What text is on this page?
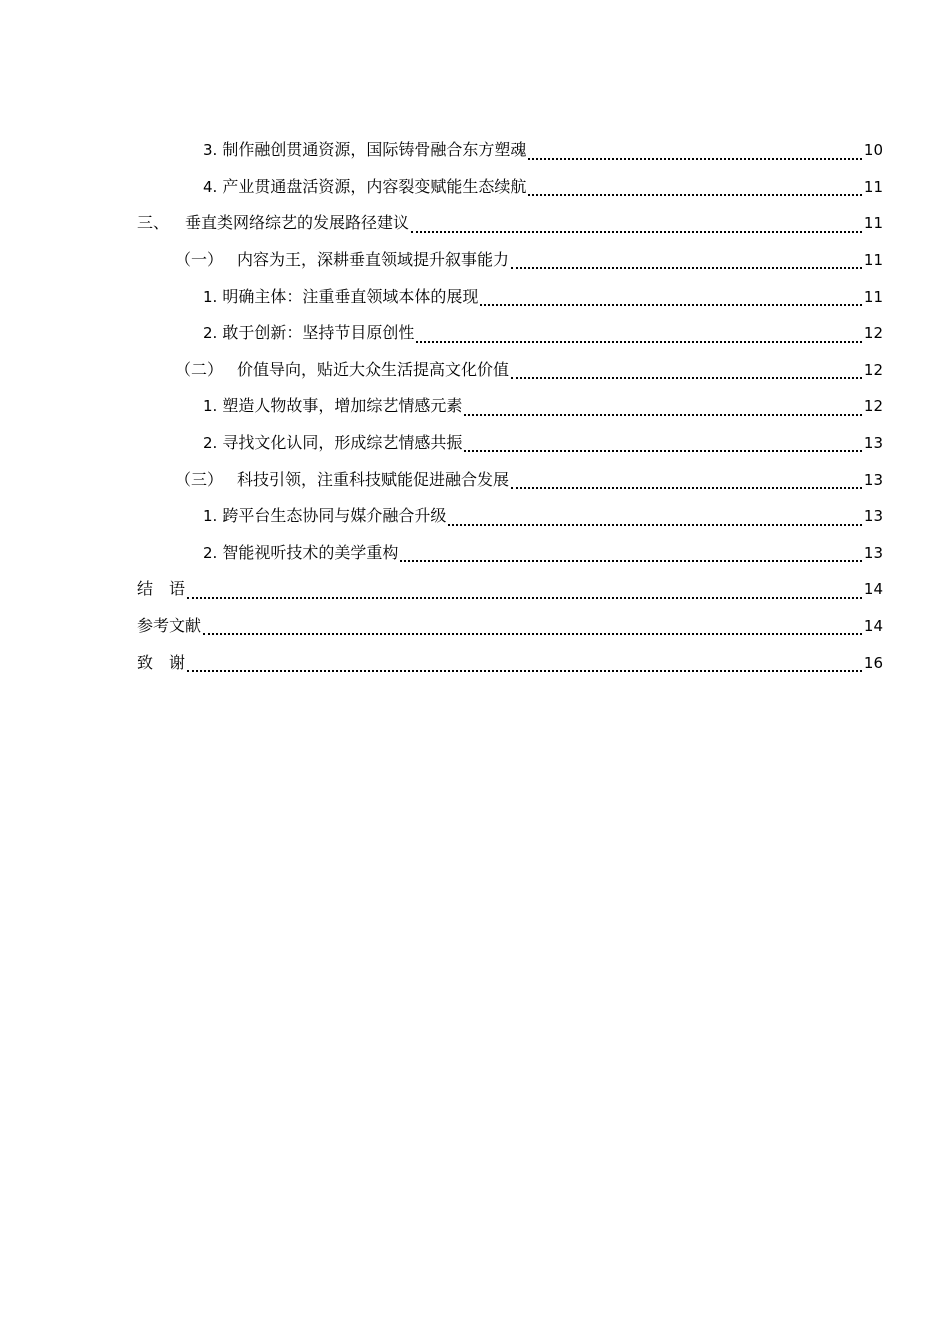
3. 制作融创贯通资源，国际铸骨融合东方塑魂	10
4. 产业贯通盘活资源，内容裂变赋能生态续航	11
三、 垂直类网络综艺的发展路径建议	11
（一） 内容为王，深耕垂直领域提升叙事能力	11
1. 明确主体：注重垂直领域本体的展现	11
2. 敢于创新：坚持节目原创性	12
（二） 价值导向，贴近大众生活提高文化价值	12
1. 塑造人物故事，增加综艺情感元素	12
2. 寻找文化认同，形成综艺情感共振	13
（三） 科技引领，注重科技赋能促进融合发展	13
1. 跨平台生态协同与媒介融合升级	13
2. 智能视听技术的美学重构	13
结　语	14
参考文献	14
致　谢	16
